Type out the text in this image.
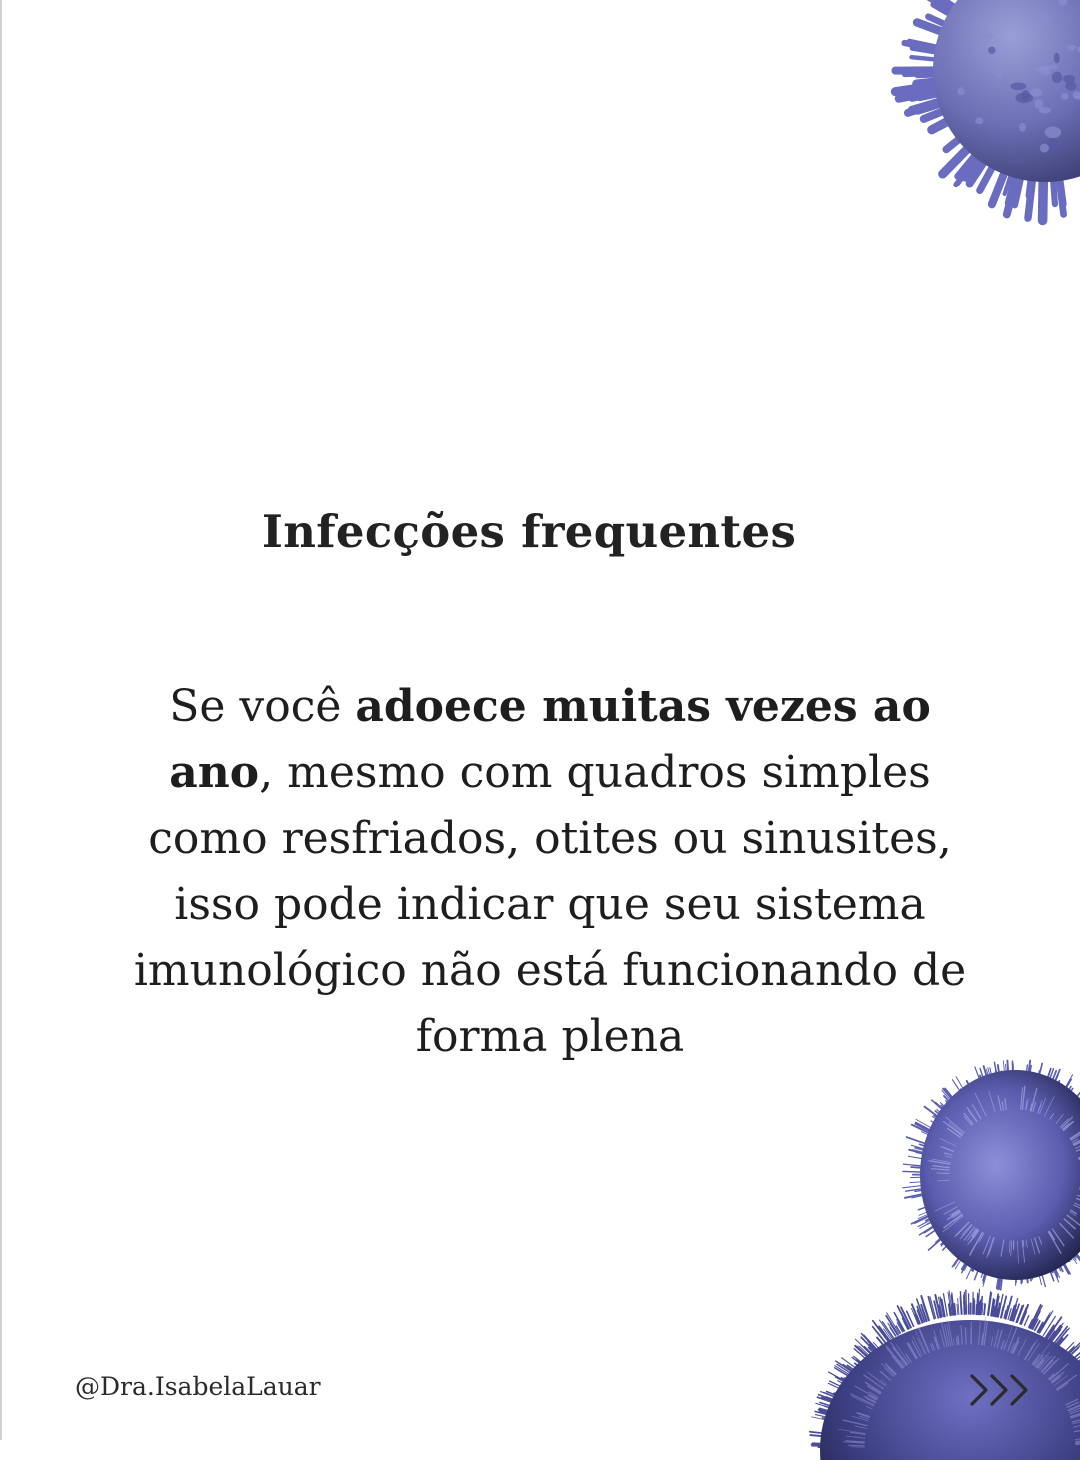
Infecções frequentes

Se você adoece muitas vezes ao ano, mesmo com quadros simples como resfriados, otites ou sinusites, isso pode indicar que seu sistema imunológico não está funcionando de forma plena

@Dra.IsabelaLauar
